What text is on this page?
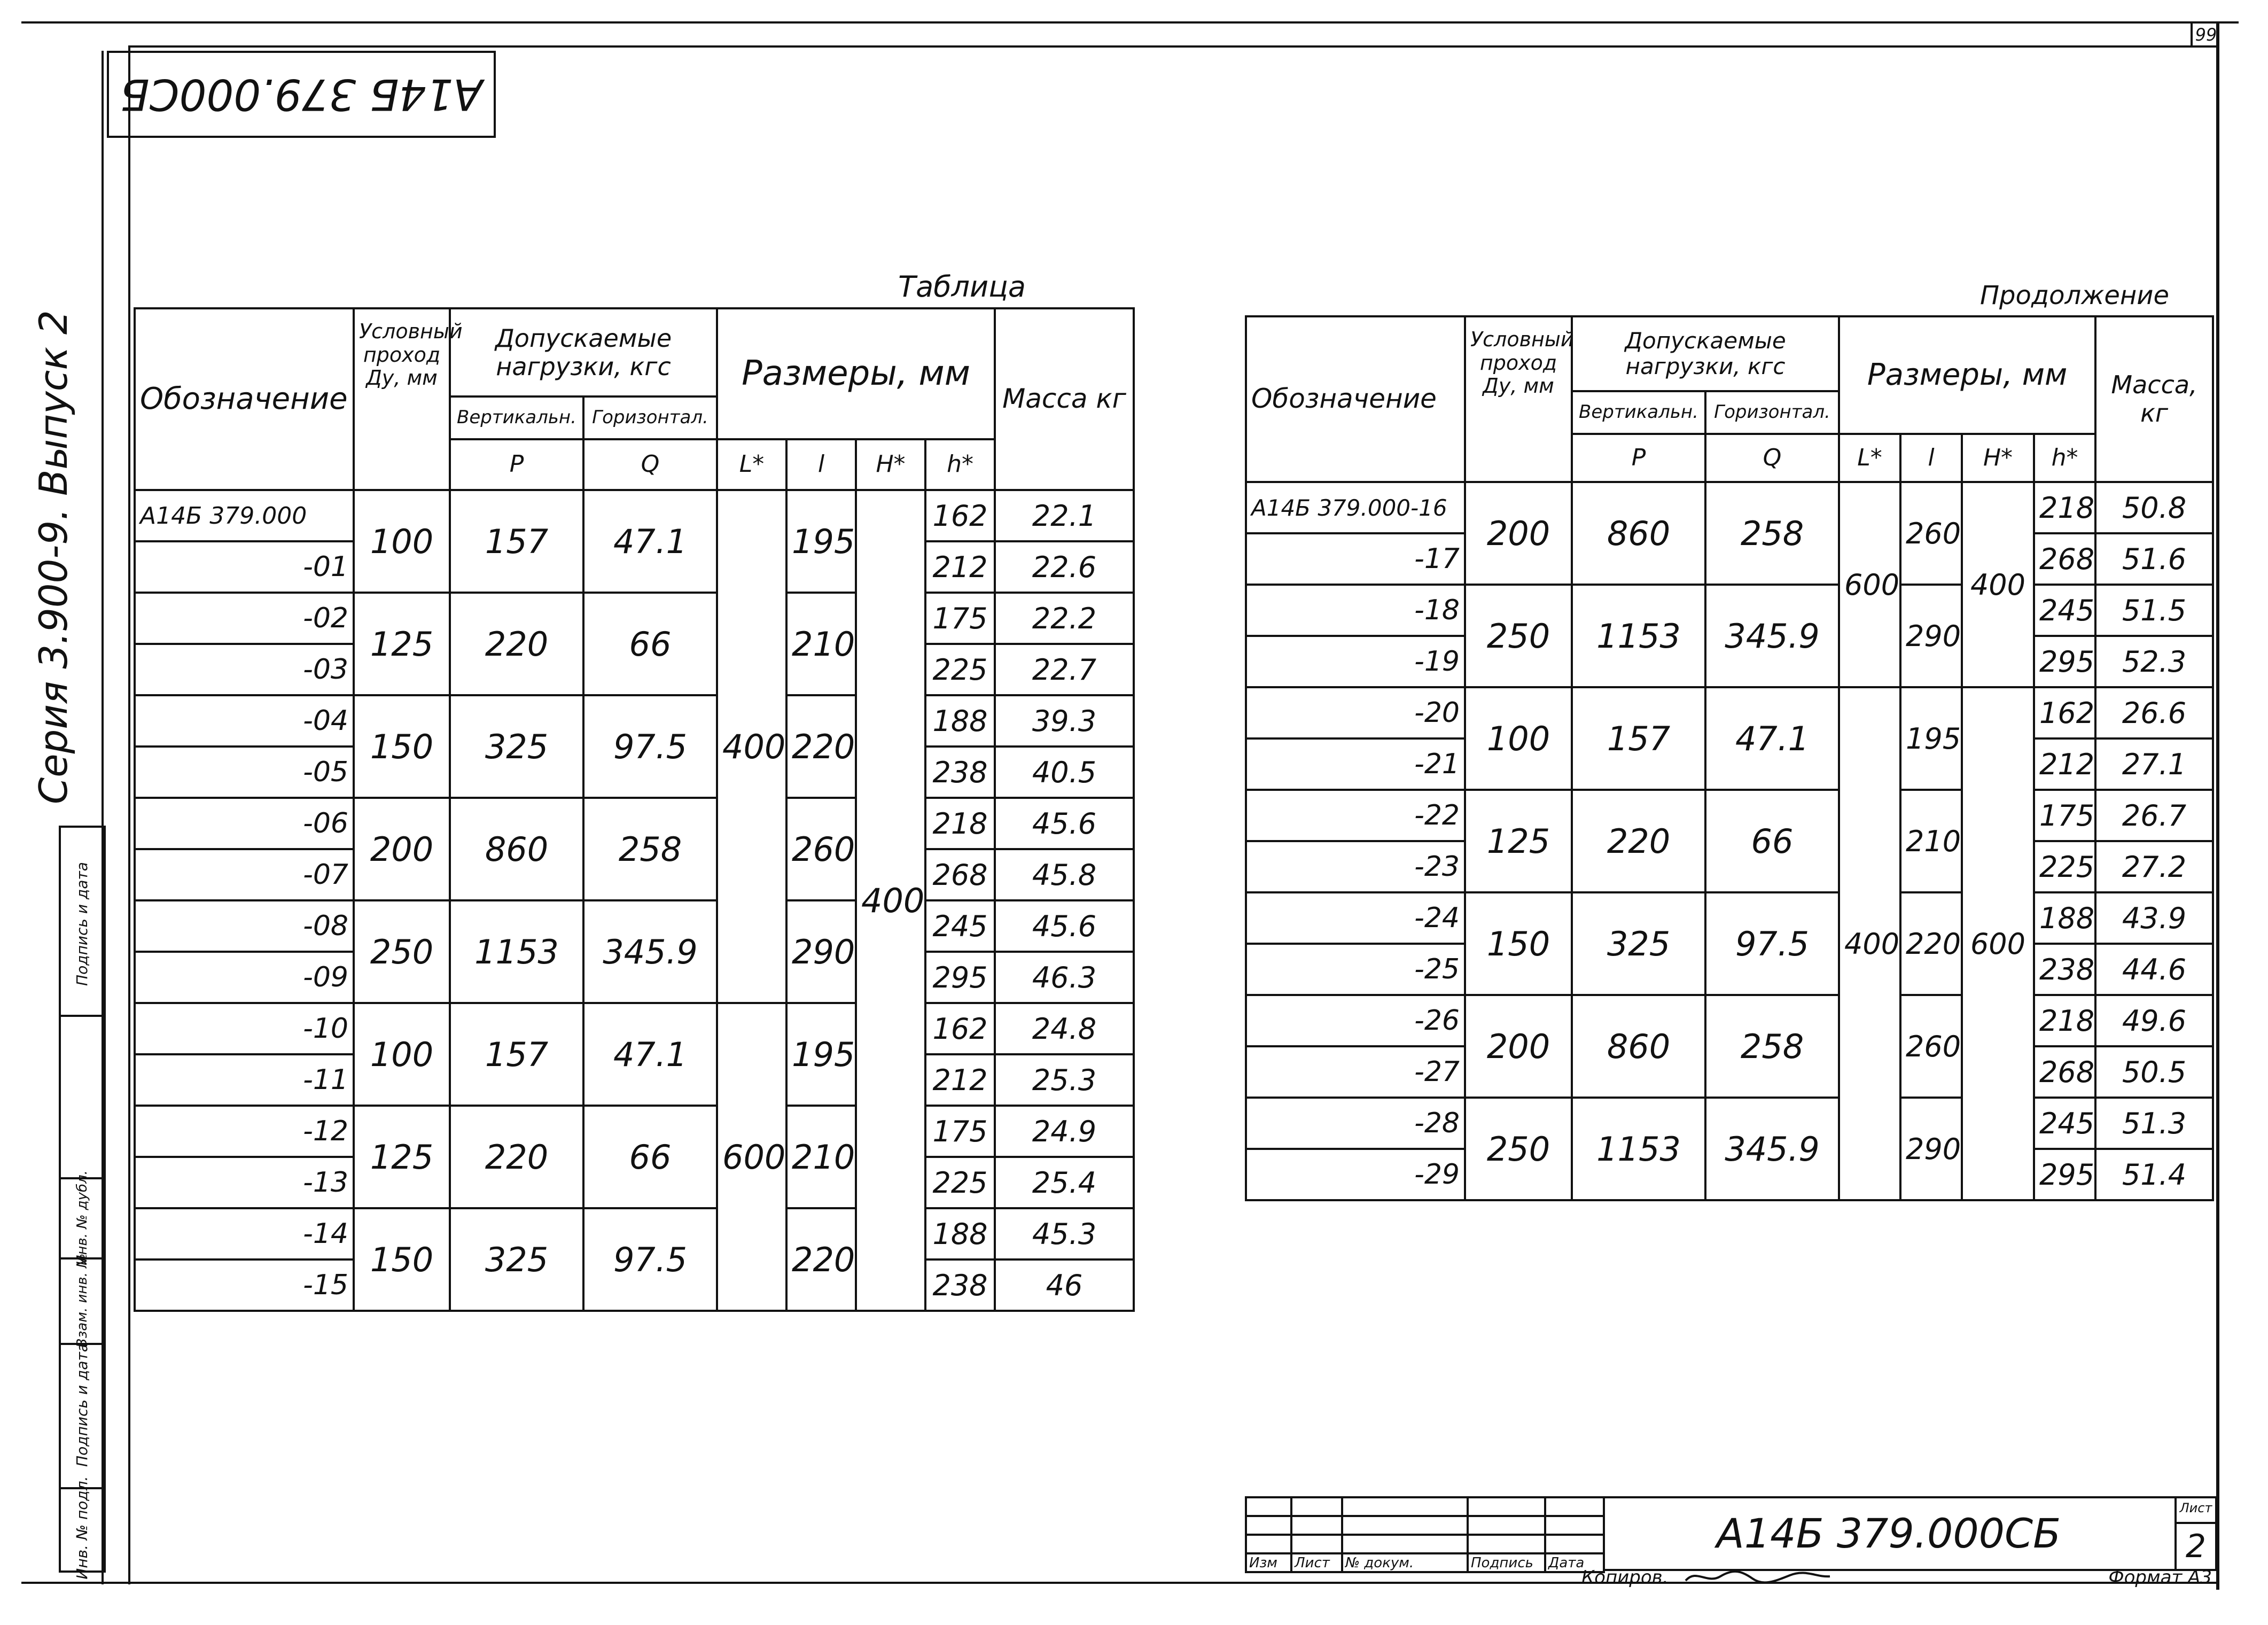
99
А14Б 379.000СБ
Серия 3.900-9. Выпуск 2
Инв. № подл.
Подпись и дата
Взам. инв. №
Инв. № дубл.
Подпись и дата
Таблица
Обозначение	Условный проход Ду, мм	Допускаемые нагрузки, кгс		Размеры, мм				Масса кг
		Вертикальн.	Горизонтал.					
		P	Q	L*	l	H*	h*	
А14Б 379.000	100	157	47.1	400	195	400	162	22.1
-01							212	22.6
-02	125	220	66		210		175	22.2
-03							225	22.7
-04	150	325	97.5		220		188	39.3
-05							238	40.5
-06	200	860	258		260		218	45.6
-07							268	45.8
-08	250	1153	345.9		290		245	45.6
-09							295	46.3
-10	100	157	47.1	600	195		162	24.8
-11							212	25.3
-12	125	220	66		210		175	24.9
-13							225	25.4
-14	150	325	97.5		220		188	45.3
-15							238	46
Продолжение
Обозначение	Условный проход Ду, мм	Допускаемые нагрузки, кгс		Размеры, мм				Масса, кг
		Вертикальн.	Горизонтал.					
		P	Q	L*	l	H*	h*	
А14Б 379.000-16	200	860	258	600	260	400	218	50.8
-17							268	51.6
-18	250	1153	345.9		290		245	51.5
-19							295	52.3
-20	100	157	47.1	400	195	600	162	26.6
-21							212	27.1
-22	125	220	66		210		175	26.7
-23							225	27.2
-24	150	325	97.5		220		188	43.9
-25							238	44.6
-26	200	860	258		260		218	49.6
-27							268	50.5
-28	250	1153	345.9		290		245	51.3
-29							295	51.4

Изм	Лист	№ докум.	Подпись	Дата
А14Б 379.000СБ
Лист
2
Копиров.	Формат А3
